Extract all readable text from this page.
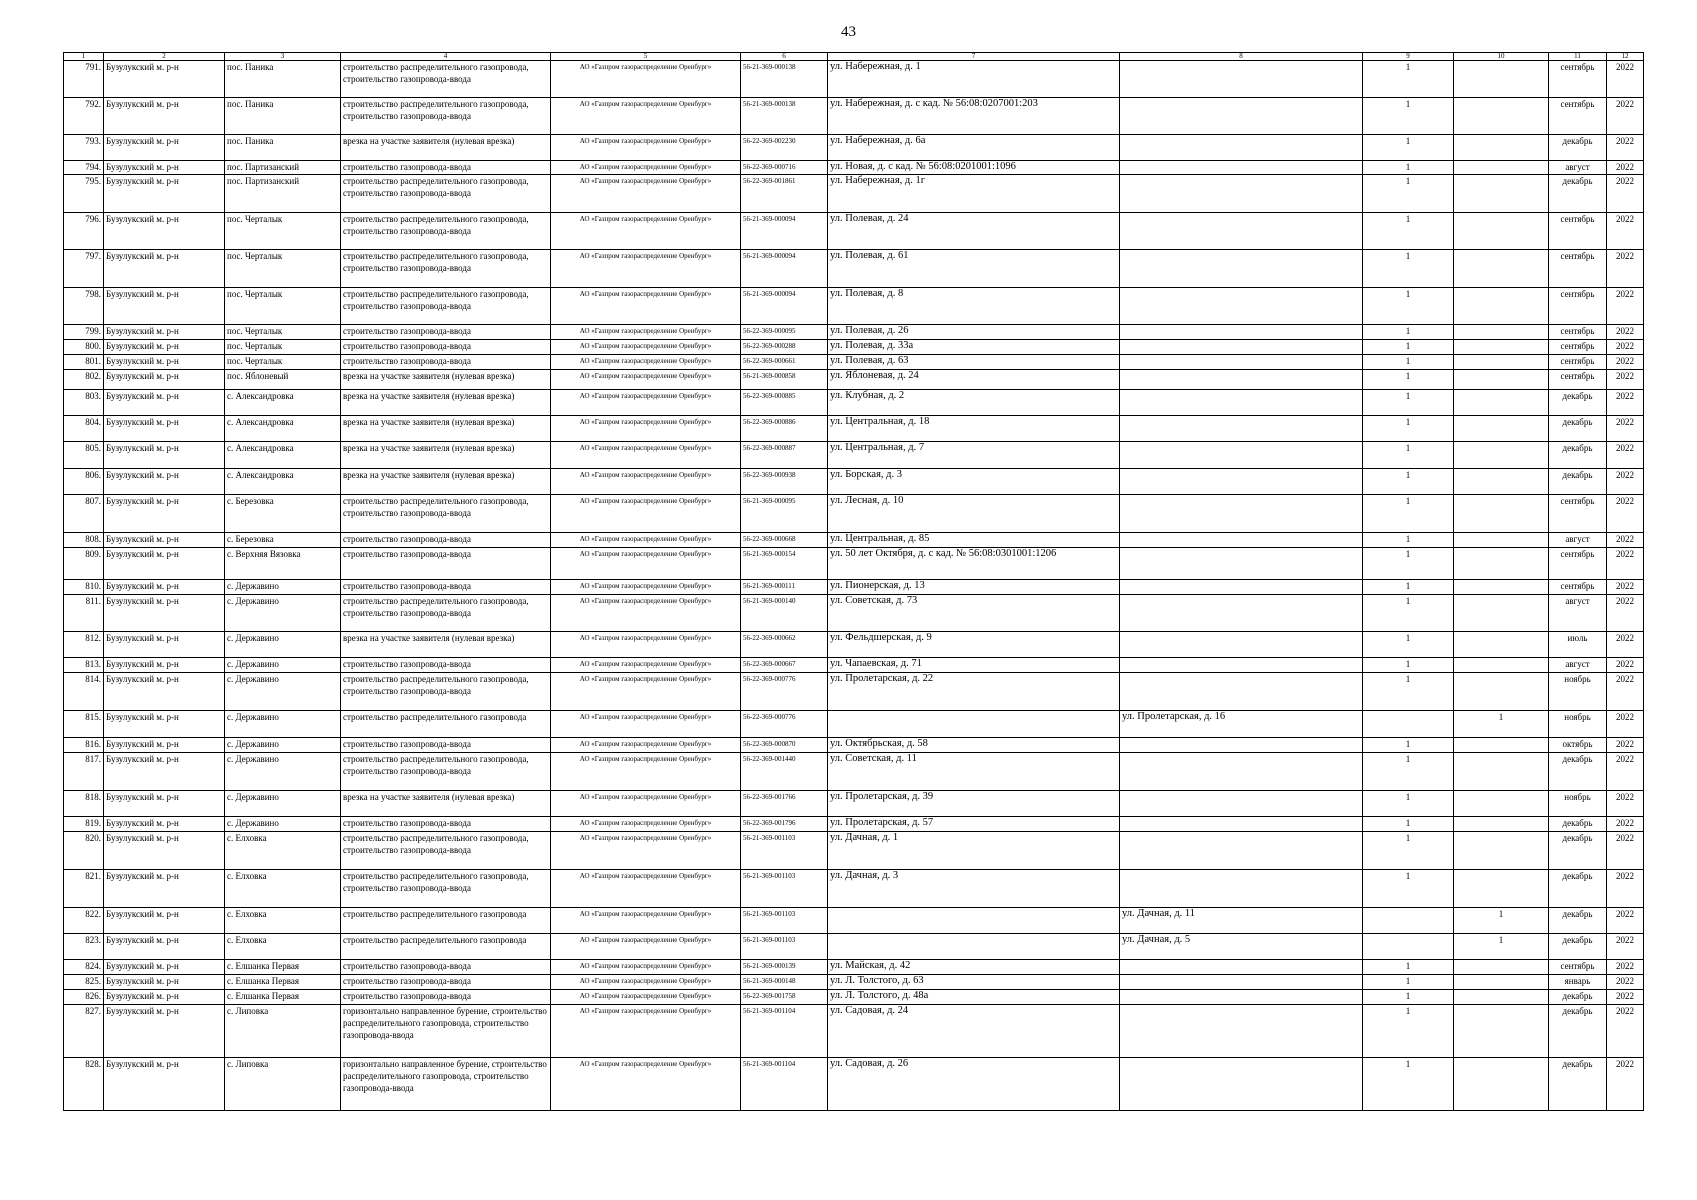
43
1	2	3	4	5	6	7	8	9	10	11	12
791.	Бузулукский м. р-н	пос. Паника	строительство распределительного газопровода, строительство газопровода-ввода	АО «Газпром газораспределение Оренбург»	56-21-369-000138	ул. Набережная, д. 1		1		сентябрь	2022
792.	Бузулукский м. р-н	пос. Паника	строительство распределительного газопровода, строительство газопровода-ввода	АО «Газпром газораспределение Оренбург»	56-21-369-000138	ул. Набережная, д. с кад. № 56:08:0207001:203		1		сентябрь	2022
793.	Бузулукский м. р-н	пос. Паника	врезка на участке заявителя (нулевая врезка)	АО «Газпром газораспределение Оренбург»	56-22-369-002230	ул. Набережная, д. 6а		1		декабрь	2022
794.	Бузулукский м. р-н	пос. Партизанский	строительство газопровода-ввода	АО «Газпром газораспределение Оренбург»	56-22-369-000716	ул. Новая, д. с кад. № 56:08:0201001:1096		1		август	2022
795.	Бузулукский м. р-н	пос. Партизанский	строительство распределительного газопровода, строительство газопровода-ввода	АО «Газпром газораспределение Оренбург»	56-22-369-001861	ул. Набережная, д. 1г		1		декабрь	2022
796.	Бузулукский м. р-н	пос. Черталык	строительство распределительного газопровода, строительство газопровода-ввода	АО «Газпром газораспределение Оренбург»	56-21-369-000094	ул. Полевая, д. 24		1		сентябрь	2022
797.	Бузулукский м. р-н	пос. Черталык	строительство распределительного газопровода, строительство газопровода-ввода	АО «Газпром газораспределение Оренбург»	56-21-369-000094	ул. Полевая, д. 61		1		сентябрь	2022
798.	Бузулукский м. р-н	пос. Черталык	строительство распределительного газопровода, строительство газопровода-ввода	АО «Газпром газораспределение Оренбург»	56-21-369-000094	ул. Полевая, д. 8		1		сентябрь	2022
799.	Бузулукский м. р-н	пос. Черталык	строительство газопровода-ввода	АО «Газпром газораспределение Оренбург»	56-22-369-000095	ул. Полевая, д. 26		1		сентябрь	2022
800.	Бузулукский м. р-н	пос. Черталык	строительство газопровода-ввода	АО «Газпром газораспределение Оренбург»	56-22-369-000288	ул. Полевая, д. 33а		1		сентябрь	2022
801.	Бузулукский м. р-н	пос. Черталык	строительство газопровода-ввода	АО «Газпром газораспределение Оренбург»	56-22-369-000661	ул. Полевая, д. 63		1		сентябрь	2022
802.	Бузулукский м. р-н	пос. Яблоневый	врезка на участке заявителя (нулевая врезка)	АО «Газпром газораспределение Оренбург»	56-21-369-000858	ул. Яблоневая, д. 24		1		сентябрь	2022
803.	Бузулукский м. р-н	с. Александровка	врезка на участке заявителя (нулевая врезка)	АО «Газпром газораспределение Оренбург»	56-22-369-000885	ул. Клубная, д. 2		1		декабрь	2022
804.	Бузулукский м. р-н	с. Александровка	врезка на участке заявителя (нулевая врезка)	АО «Газпром газораспределение Оренбург»	56-22-369-000886	ул. Центральная, д. 18		1		декабрь	2022
805.	Бузулукский м. р-н	с. Александровка	врезка на участке заявителя (нулевая врезка)	АО «Газпром газораспределение Оренбург»	56-22-369-000887	ул. Центральная, д. 7		1		декабрь	2022
806.	Бузулукский м. р-н	с. Александровка	врезка на участке заявителя (нулевая врезка)	АО «Газпром газораспределение Оренбург»	56-22-369-000938	ул. Борская, д. 3		1		декабрь	2022
807.	Бузулукский м. р-н	с. Березовка	строительство распределительного газопровода, строительство газопровода-ввода	АО «Газпром газораспределение Оренбург»	56-21-369-000095	ул. Лесная, д. 10		1		сентябрь	2022
808.	Бузулукский м. р-н	с. Березовка	строительство газопровода-ввода	АО «Газпром газораспределение Оренбург»	56-22-369-000668	ул. Центральная, д. 85		1		август	2022
809.	Бузулукский м. р-н	с. Верхняя Вязовка	строительство газопровода-ввода	АО «Газпром газораспределение Оренбург»	56-21-369-000154	ул. 50 лет Октября, д. с кад. № 56:08:0301001:1206		1		сентябрь	2022
810.	Бузулукский м. р-н	с. Державино	строительство газопровода-ввода	АО «Газпром газораспределение Оренбург»	56-21-369-000111	ул. Пионерская, д. 13		1		сентябрь	2022
811.	Бузулукский м. р-н	с. Державино	строительство распределительного газопровода, строительство газопровода-ввода	АО «Газпром газораспределение Оренбург»	56-21-369-000140	ул. Советская, д. 73		1		август	2022
812.	Бузулукский м. р-н	с. Державино	врезка на участке заявителя (нулевая врезка)	АО «Газпром газораспределение Оренбург»	56-22-369-000662	ул. Фельдшерская, д. 9		1		июль	2022
813.	Бузулукский м. р-н	с. Державино	строительство газопровода-ввода	АО «Газпром газораспределение Оренбург»	56-22-369-000667	ул. Чапаевская, д. 71		1		август	2022
814.	Бузулукский м. р-н	с. Державино	строительство распределительного газопровода, строительство газопровода-ввода	АО «Газпром газораспределение Оренбург»	56-22-369-000776	ул. Пролетарская, д. 22		1		ноябрь	2022
815.	Бузулукский м. р-н	с. Державино	строительство распределительного газопровода	АО «Газпром газораспределение Оренбург»	56-22-369-000776		ул. Пролетарская, д. 16		1	ноябрь	2022
816.	Бузулукский м. р-н	с. Державино	строительство газопровода-ввода	АО «Газпром газораспределение Оренбург»	56-22-369-000870	ул. Октябрьская, д. 58		1		октябрь	2022
817.	Бузулукский м. р-н	с. Державино	строительство распределительного газопровода, строительство газопровода-ввода	АО «Газпром газораспределение Оренбург»	56-22-369-001440	ул. Советская, д. 11		1		декабрь	2022
818.	Бузулукский м. р-н	с. Державино	врезка на участке заявителя (нулевая врезка)	АО «Газпром газораспределение Оренбург»	56-22-369-001766	ул. Пролетарская, д. 39		1		ноябрь	2022
819.	Бузулукский м. р-н	с. Державино	строительство газопровода-ввода	АО «Газпром газораспределение Оренбург»	56-22-369-001796	ул. Пролетарская, д. 57		1		декабрь	2022
820.	Бузулукский м. р-н	с. Елховка	строительство распределительного газопровода, строительство газопровода-ввода	АО «Газпром газораспределение Оренбург»	56-21-369-001103	ул. Дачная, д. 1		1		декабрь	2022
821.	Бузулукский м. р-н	с. Елховка	строительство распределительного газопровода, строительство газопровода-ввода	АО «Газпром газораспределение Оренбург»	56-21-369-001103	ул. Дачная, д. 3		1		декабрь	2022
822.	Бузулукский м. р-н	с. Елховка	строительство распределительного газопровода	АО «Газпром газораспределение Оренбург»	56-21-369-001103		ул. Дачная, д. 11		1	декабрь	2022
823.	Бузулукский м. р-н	с. Елховка	строительство распределительного газопровода	АО «Газпром газораспределение Оренбург»	56-21-369-001103		ул. Дачная, д. 5		1	декабрь	2022
824.	Бузулукский м. р-н	с. Елшанка Первая	строительство газопровода-ввода	АО «Газпром газораспределение Оренбург»	56-21-369-000139	ул. Майская, д. 42		1		сентябрь	2022
825.	Бузулукский м. р-н	с. Елшанка Первая	строительство газопровода-ввода	АО «Газпром газораспределение Оренбург»	56-21-369-000148	ул. Л. Толстого, д. 63		1		январь	2022
826.	Бузулукский м. р-н	с. Елшанка Первая	строительство газопровода-ввода	АО «Газпром газораспределение Оренбург»	56-22-369-001758	ул. Л. Толстого, д. 48а		1		декабрь	2022
827.	Бузулукский м. р-н	с. Липовка	горизонтально направленное бурение, строительство распределительного газопровода, строительство газопровода-ввода	АО «Газпром газораспределение Оренбург»	56-21-369-001104	ул. Садовая, д. 24		1		декабрь	2022
828.	Бузулукский м. р-н	с. Липовка	горизонтально направленное бурение, строительство распределительного газопровода, строительство газопровода-ввода	АО «Газпром газораспределение Оренбург»	56-21-369-001104	ул. Садовая, д. 26		1		декабрь	2022
